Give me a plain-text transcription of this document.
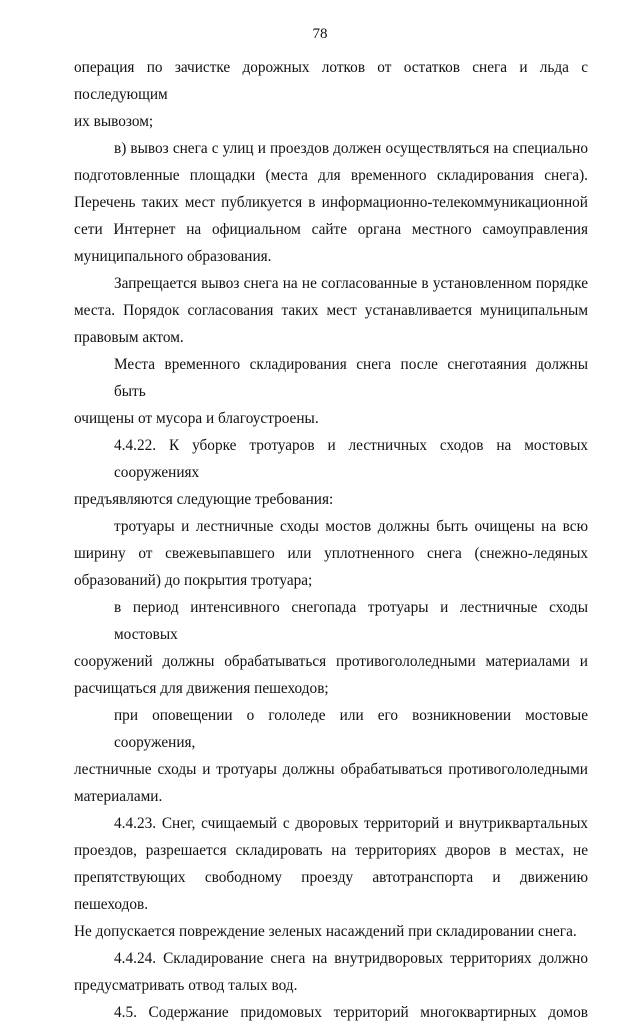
78

операция по зачистке дорожных лотков от остатков снега и льда с последующим
их вывозом;

в) вывоз снега с улиц и проездов должен осуществляться на специально
подготовленные площадки (места для временного складирования снега).
Перечень таких мест публикуется в информационно-телекоммуникационной
сети Интернет на официальном сайте органа местного самоуправления
муниципального образования.

Запрещается вывоз снега на не согласованные в установленном порядке
места. Порядок согласования таких мест устанавливается муниципальным
правовым актом.

Места временного складирования снега после снеготаяния должны быть
очищены от мусора и благоустроены.

4.4.22. К уборке тротуаров и лестничных сходов на мостовых сооружениях
предъявляются следующие требования:

тротуары и лестничные сходы мостов должны быть очищены на всю
ширину от свежевыпавшего или уплотненного снега (снежно-ледяных
образований) до покрытия тротуара;

в период интенсивного снегопада тротуары и лестничные сходы мостовых
сооружений должны обрабатываться противогололедными материалами и
расчищаться для движения пешеходов;

при оповещении о гололеде или его возникновении мостовые сооружения,
лестничные сходы и тротуары должны обрабатываться противогололедными
материалами.

4.4.23. Снег, счищаемый с дворовых территорий и внутриквартальных
проездов, разрешается складировать на территориях дворов в местах, не
препятствующих свободному проезду автотранспорта и движению пешеходов.
Не допускается повреждение зеленых насаждений при складировании снега.

4.4.24. Складирование снега на внутридворовых территориях должно
предусматривать отвод талых вод.

4.5. Содержание придомовых территорий многоквартирных домов
